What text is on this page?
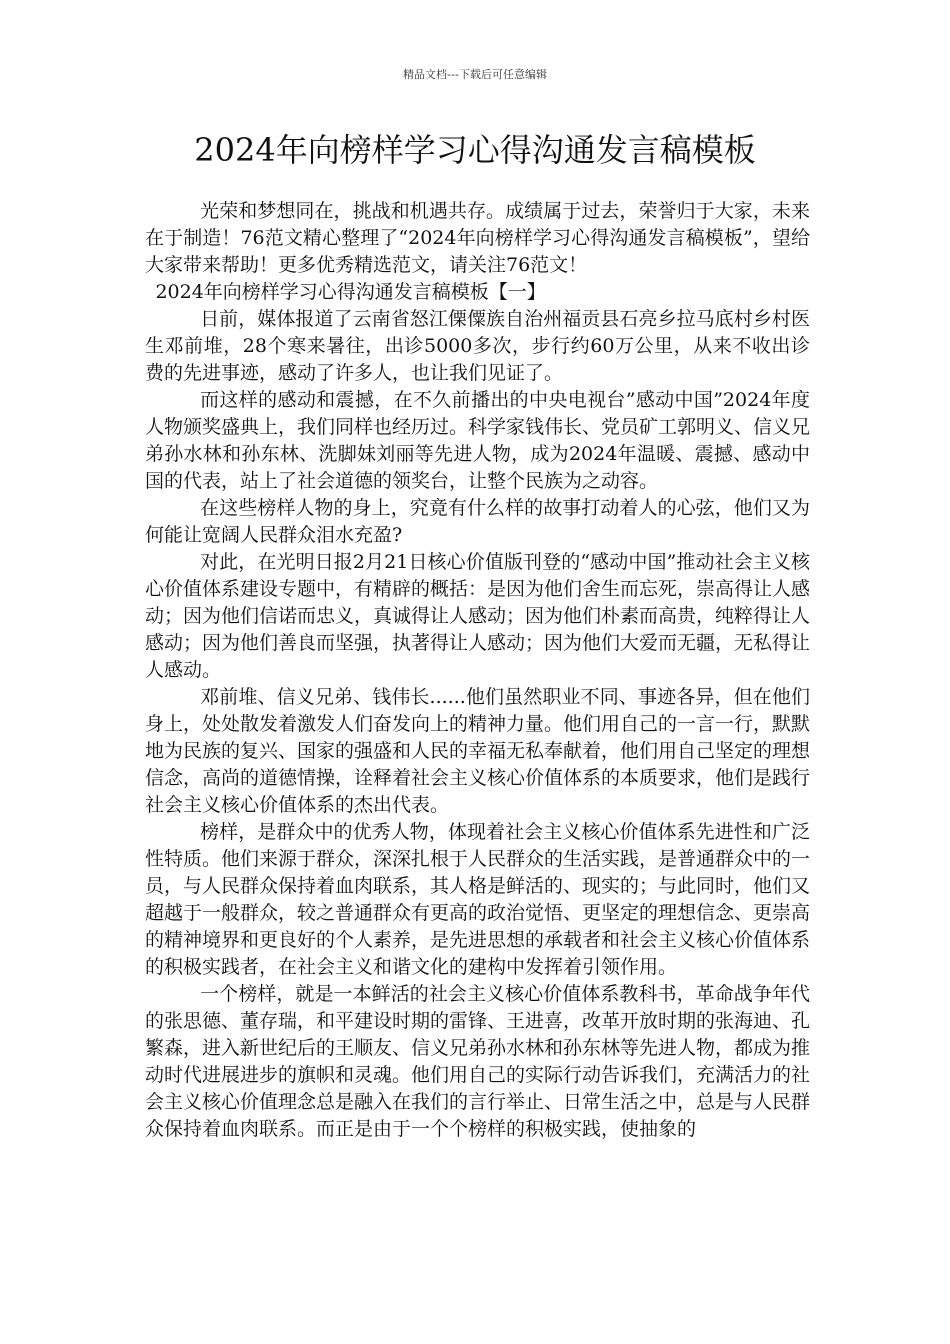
精品文档---下载后可任意编辑
2024年向榜样学习心得沟通发言稿模板

光荣和梦想同在，挑战和机遇共存。成绩属于过去，荣誉归于大家，未来在于制造！76范文精心整理了“2024年向榜样学习心得沟通发言稿模板”，望给大家带来帮助！更多优秀精选范文，请关注76范文！

2024年向榜样学习心得沟通发言稿模板【一】

日前，媒体报道了云南省怒江傈僳族自治州福贡县石亮乡拉马底村乡村医生邓前堆，28个寒来暑往，出诊5000多次，步行约60万公里，从来不收出诊费的先进事迹，感动了许多人，也让我们见证了。

而这样的感动和震撼，在不久前播出的中央电视台”感动中国”2024年度人物颁奖盛典上，我们同样也经历过。科学家钱伟长、党员矿工郭明义、信义兄弟孙水林和孙东林、洗脚妹刘丽等先进人物，成为2024年温暖、震撼、感动中国的代表，站上了社会道德的领奖台，让整个民族为之动容。

在这些榜样人物的身上，究竟有什么样的故事打动着人的心弦，他们又为何能让宽阔人民群众泪水充盈?

对此，在光明日报2月21日核心价值版刊登的“感动中国”推动社会主义核心价值体系建设专题中，有精辟的概括：是因为他们舍生而忘死，崇高得让人感动；因为他们信诺而忠义，真诚得让人感动；因为他们朴素而高贵，纯粹得让人感动；因为他们善良而坚强，执著得让人感动；因为他们大爱而无疆，无私得让人感动。

邓前堆、信义兄弟、钱伟长......他们虽然职业不同、事迹各异，但在他们身上，处处散发着激发人们奋发向上的精神力量。他们用自己的一言一行，默默地为民族的复兴、国家的强盛和人民的幸福无私奉献着，他们用自己坚定的理想信念，高尚的道德情操，诠释着社会主义核心价值体系的本质要求，他们是践行社会主义核心价值体系的杰出代表。

榜样，是群众中的优秀人物，体现着社会主义核心价值体系先进性和广泛性特质。他们来源于群众，深深扎根于人民群众的生活实践，是普通群众中的一员，与人民群众保持着血肉联系，其人格是鲜活的、现实的；与此同时，他们又超越于一般群众，较之普通群众有更高的政治觉悟、更坚定的理想信念、更崇高的精神境界和更良好的个人素养，是先进思想的承载者和社会主义核心价值体系的积极实践者，在社会主义和谐文化的建构中发挥着引领作用。

一个榜样，就是一本鲜活的社会主义核心价值体系教科书，革命战争年代的张思德、董存瑞，和平建设时期的雷锋、王进喜，改革开放时期的张海迪、孔繁森，进入新世纪后的王顺友、信义兄弟孙水林和孙东林等先进人物，都成为推动时代进展进步的旗帜和灵魂。他们用自己的实际行动告诉我们，充满活力的社会主义核心价值理念总是融入在我们的言行举止、日常生活之中，总是与人民群众保持着血肉联系。而正是由于一个个榜样的积极实践，使抽象的
